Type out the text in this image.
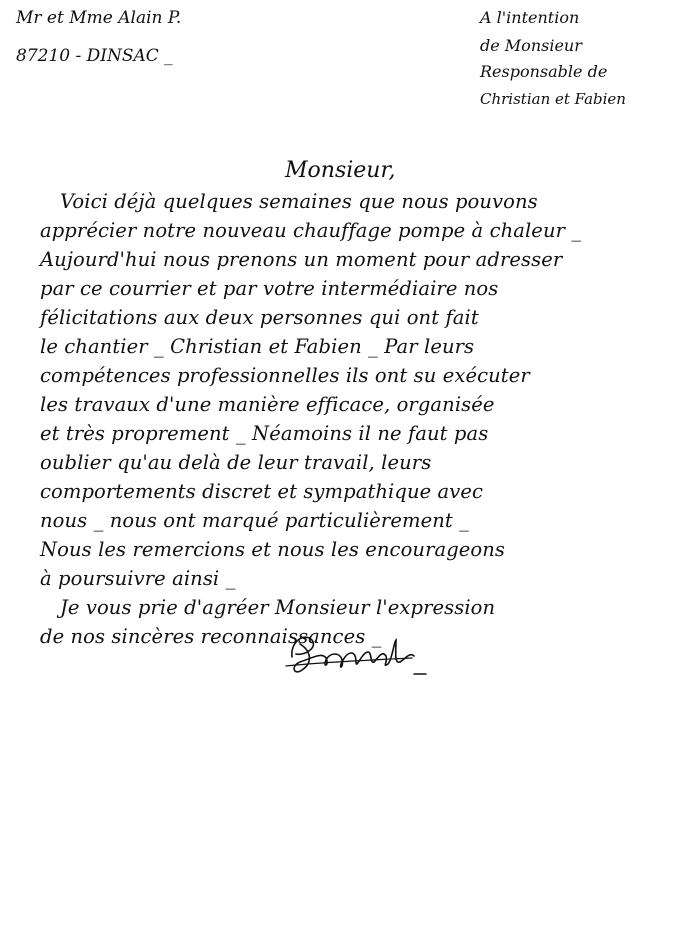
Mr et Mme Alain P.
87210 - DINSAC _
A l'intention
de Monsieur
Responsable de
Christian et Fabien
Monsieur,
Voici déjà quelques semaines que nous pouvons
apprécier notre nouveau chauffage pompe à chaleur _
Aujourd'hui nous prenons un moment pour adresser
par ce courrier et par votre intermédiaire nos
félicitations aux deux personnes qui ont fait
le chantier _ Christian et Fabien _ Par leurs
compétences professionnelles ils ont su exécuter
les travaux d'une manière efficace, organisée
et très proprement _ Néamoins il ne faut pas
oublier qu'au delà de leur travail, leurs
comportements discret et sympathique avec
nous _ nous ont marqué particulièrement _
Nous les remercions et nous les encourageons
à poursuivre ainsi _
Je vous prie d'agréer Monsieur l'expression
de nos sincères reconnaissances _
